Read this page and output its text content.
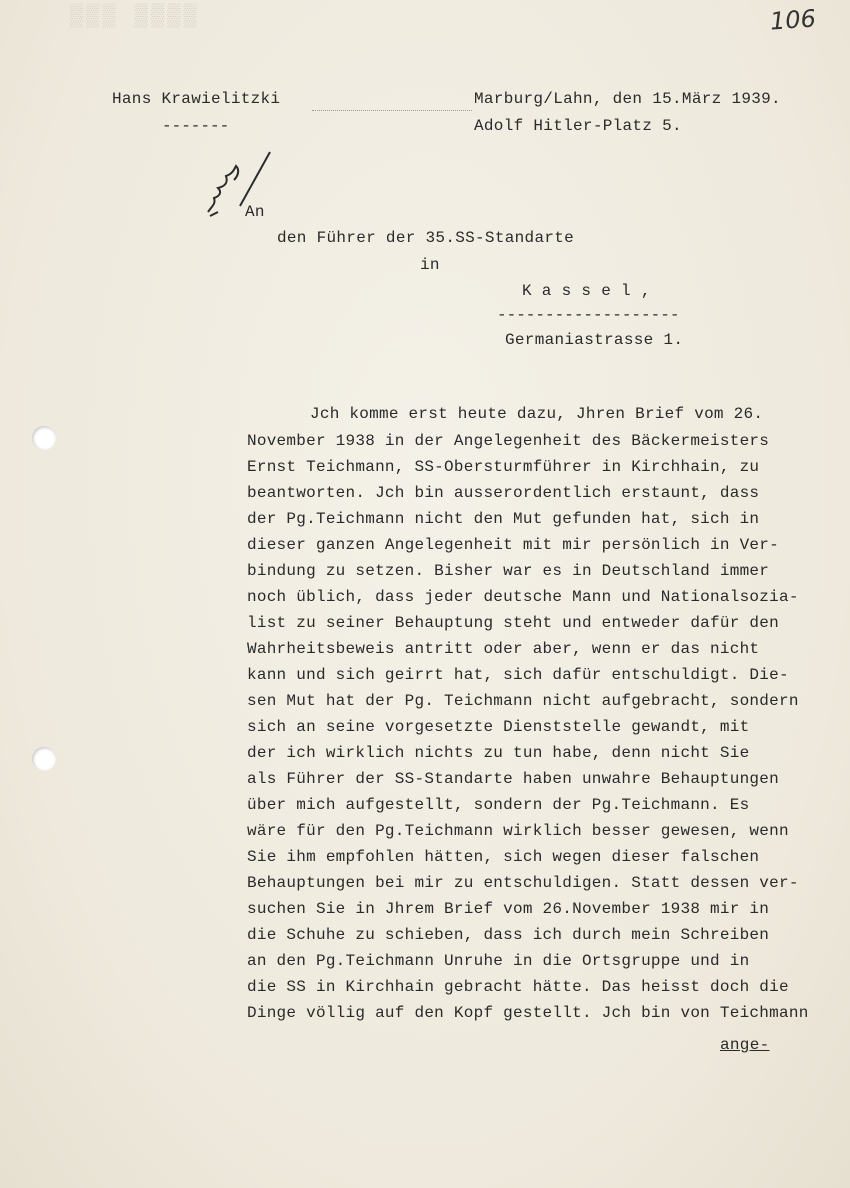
▒▒▒ ▒▒▒▒	106
Hans Krawielitzki
-------
Marburg/Lahn, den 15.März 1939.
Adolf Hitler-Platz 5.
An
den Führer der 35.SS-Standarte
in
K a s s e l ,
-------------------
Germaniastrasse 1.
Jch komme erst heute dazu, Jhren Brief vom 26.
November 1938 in der Angelegenheit des Bäckermeisters
Ernst Teichmann, SS-Obersturmführer in Kirchhain, zu
beantworten. Jch bin ausserordentlich erstaunt, dass
der Pg.Teichmann nicht den Mut gefunden hat, sich in
dieser ganzen Angelegenheit mit mir persönlich in Ver-
bindung zu setzen. Bisher war es in Deutschland immer
noch üblich, dass jeder deutsche Mann und Nationalsozia-
list zu seiner Behauptung steht und entweder dafür den
Wahrheitsbeweis antritt oder aber, wenn er das nicht
kann und sich geirrt hat, sich dafür entschuldigt. Die-
sen Mut hat der Pg. Teichmann nicht aufgebracht, sondern
sich an seine vorgesetzte Dienststelle gewandt, mit
der ich wirklich nichts zu tun habe, denn nicht Sie
als Führer der SS-Standarte haben unwahre Behauptungen
über mich aufgestellt, sondern der Pg.Teichmann. Es
wäre für den Pg.Teichmann wirklich besser gewesen, wenn
Sie ihm empfohlen hätten, sich wegen dieser falschen
Behauptungen bei mir zu entschuldigen. Statt dessen ver-
suchen Sie in Jhrem Brief vom 26.November 1938 mir in
die Schuhe zu schieben, dass ich durch mein Schreiben
an den Pg.Teichmann Unruhe in die Ortsgruppe und in
die SS in Kirchhain gebracht hätte. Das heisst doch die
Dinge völlig auf den Kopf gestellt. Jch bin von Teichmann
ange-
